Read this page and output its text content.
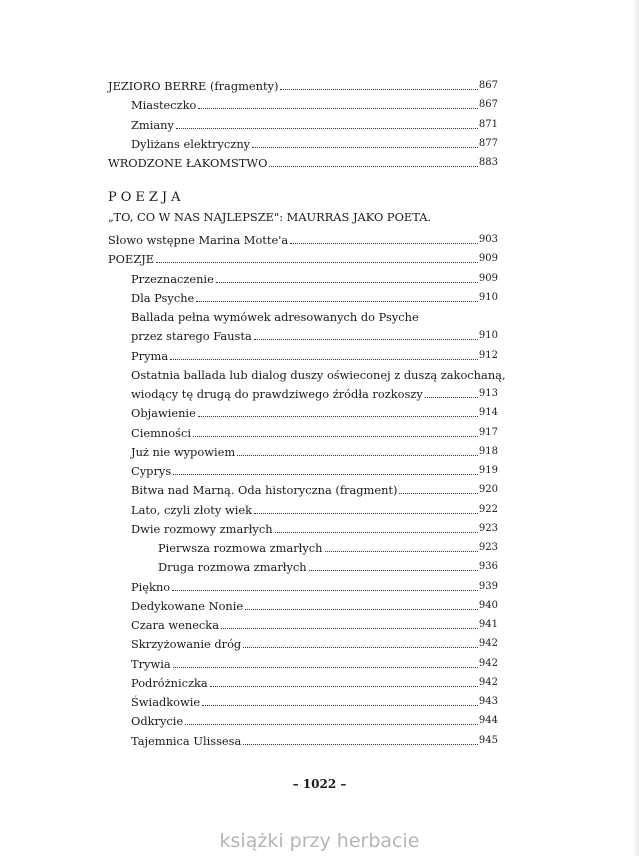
JEZIORO BERRE (fragmenty)	867
Miasteczko	867
Zmiany	871
Dyliżans elektryczny	877
WRODZONE ŁAKOMSTWO	883
POEZJA
„TO, CO W NAS NAJLEPSZE": MAURRAS JAKO POETA.
Słowo wstępne Marina Motte'a	903
POEZJE	909
Przeznaczenie	909
Dla Psyche	910
Ballada pełna wymówek adresowanych do Psyche
przez starego Fausta	910
Pryma	912
Ostatnia ballada lub dialog duszy oświeconej z duszą zakochaną,
wiodący tę drugą do prawdziwego źródła rozkoszy	913
Objawienie	914
Ciemności	917
Już nie wypowiem	918
Cyprys	919
Bitwa nad Marną. Oda historyczna (fragment)	920
Lato, czyli złoty wiek	922
Dwie rozmowy zmarłych	923
Pierwsza rozmowa zmarłych	923
Druga rozmowa zmarłych	936
Piękno	939
Dedykowane Nonie	940
Czara wenecka	941
Skrzyżowanie dróg	942
Trywia	942
Podróżniczka	942
Świadkowie	943
Odkrycie	944
Tajemnica Ulissesa	945
– 1022 –
książki przy herbacie
